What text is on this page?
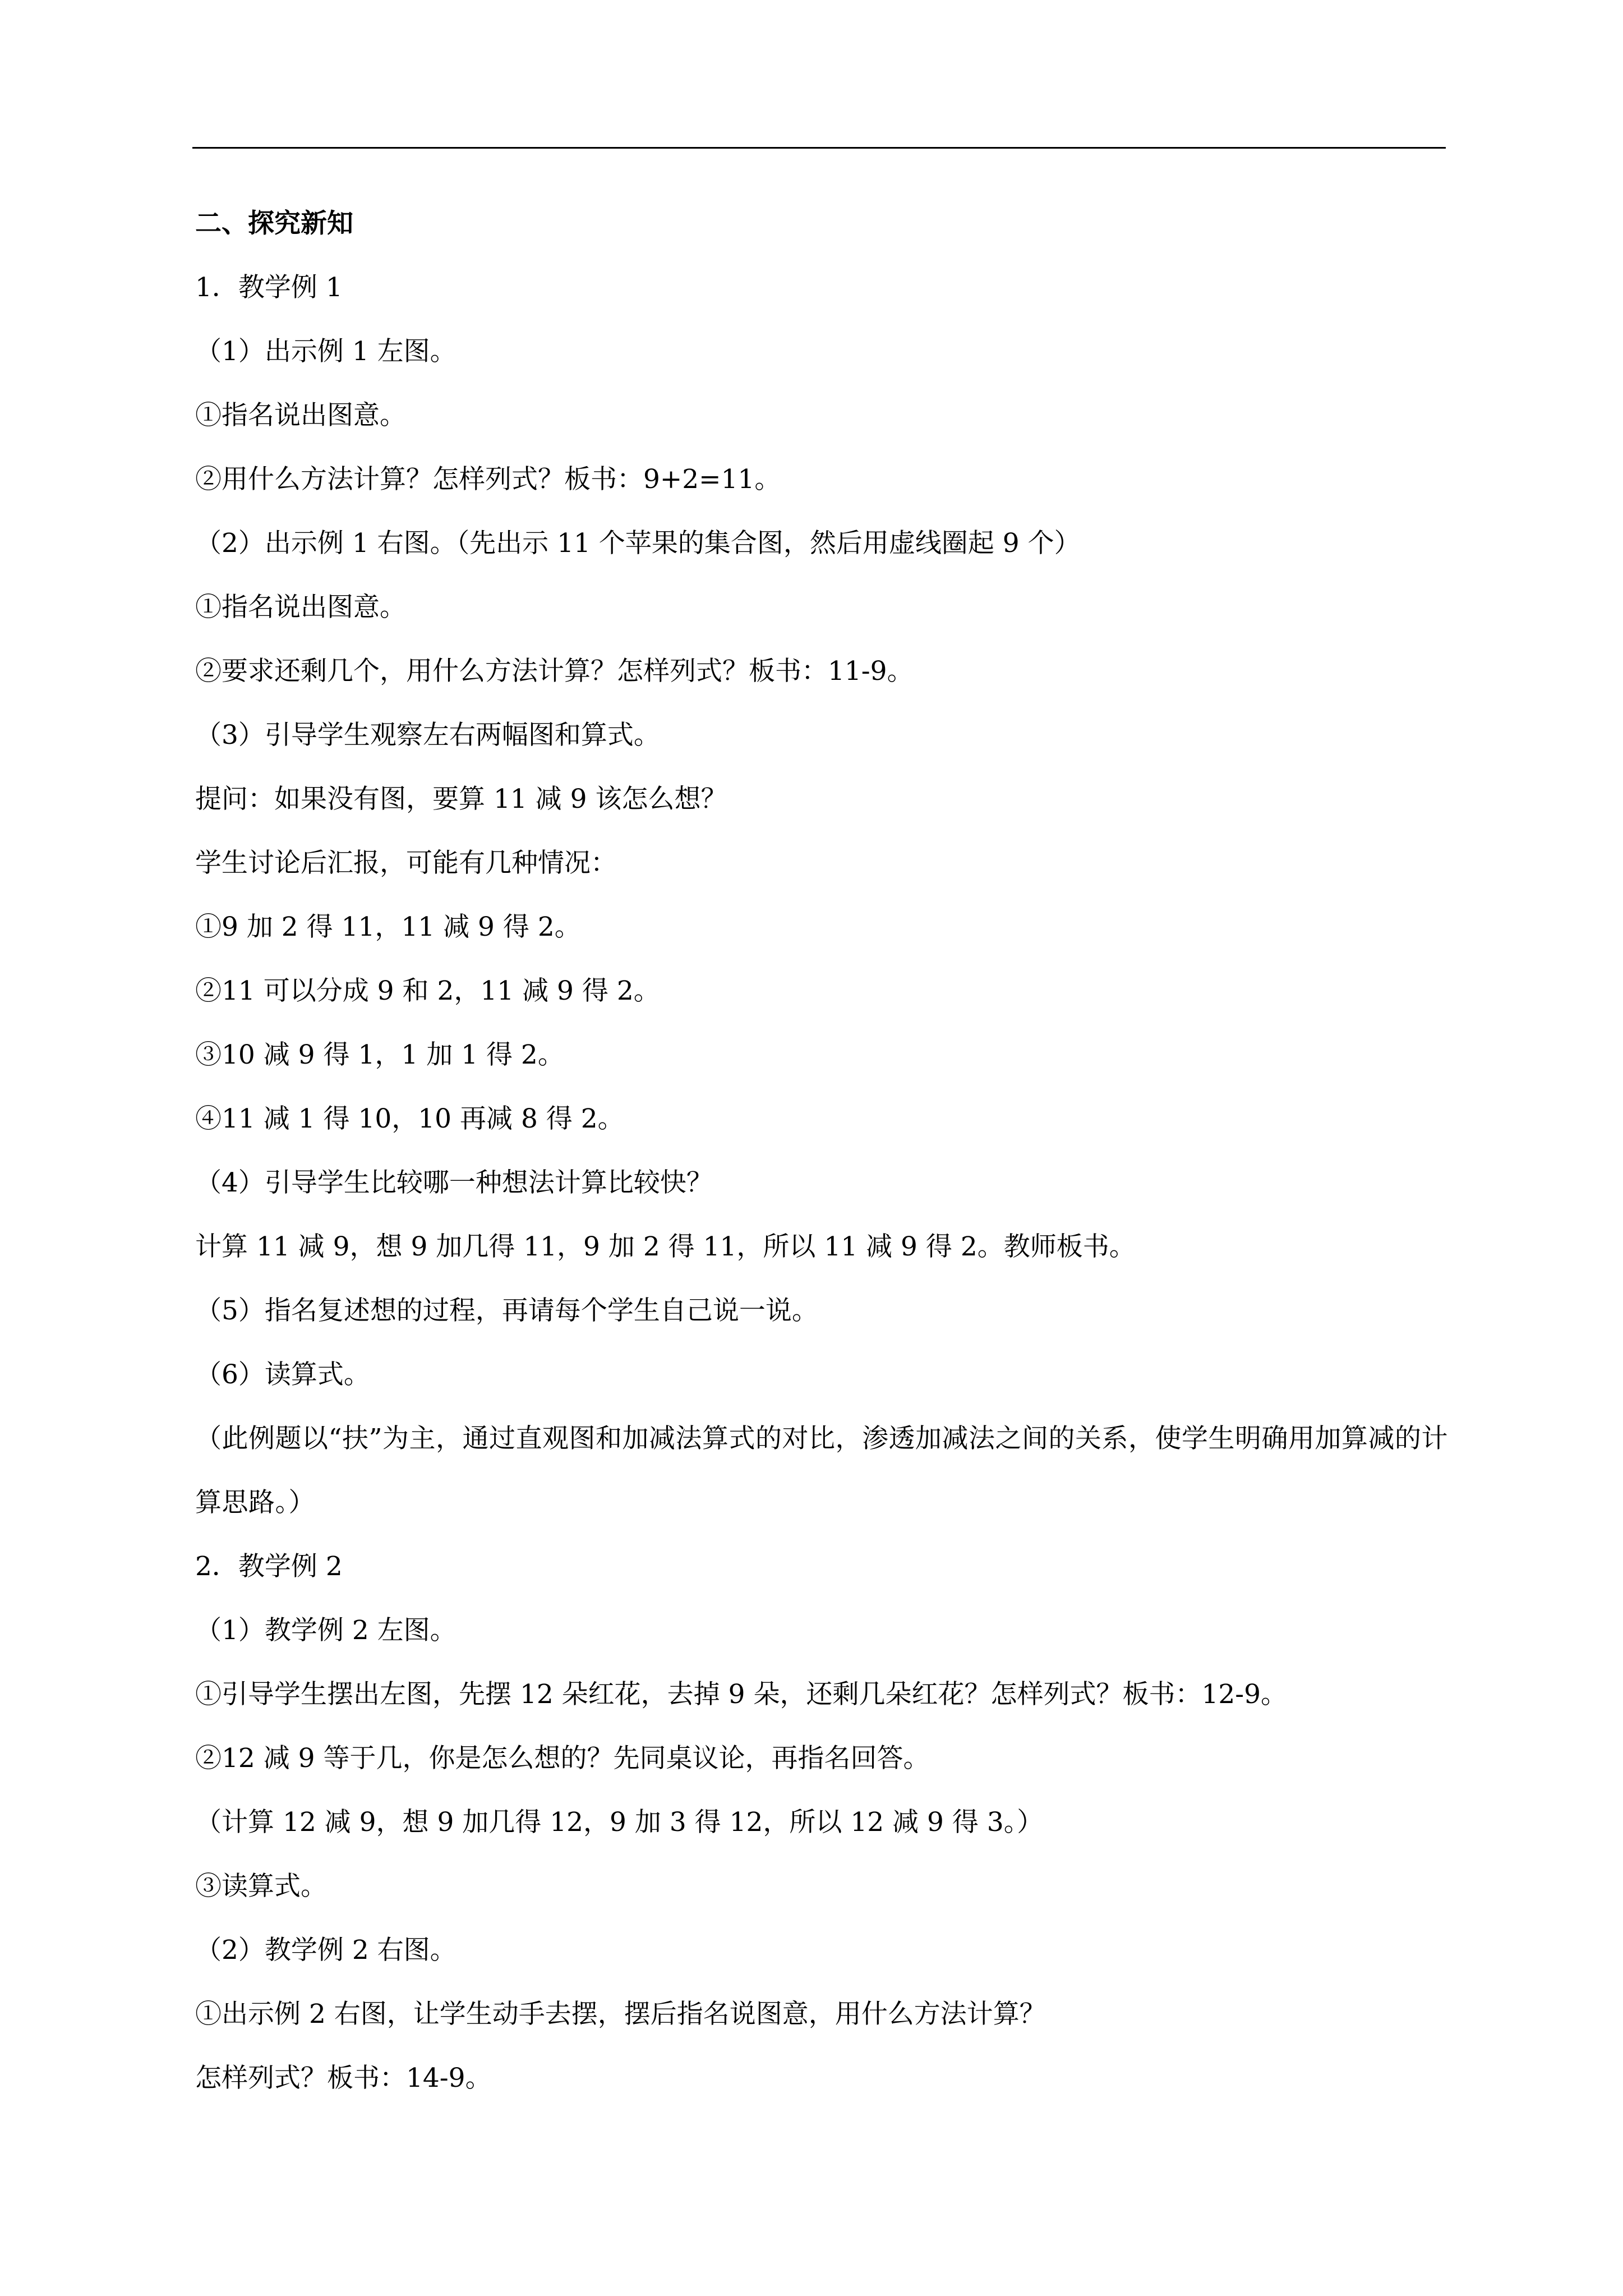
二、探究新知
1．教学例 1
（1）出示例 1 左图。
①指名说出图意。
②用什么方法计算？怎样列式？板书：9+2=11。
（2）出示例 1 右图。（先出示 11 个苹果的集合图，然后用虚线圈起 9 个）
①指名说出图意。
②要求还剩几个，用什么方法计算？怎样列式？板书：11-9。
（3）引导学生观察左右两幅图和算式。
提问：如果没有图，要算 11 减 9 该怎么想？
学生讨论后汇报，可能有几种情况：
①9 加 2 得 11，11 减 9 得 2。
②11 可以分成 9 和 2，11 减 9 得 2。
③10 减 9 得 1，1 加 1 得 2。
④11 减 1 得 10，10 再减 8 得 2。
（4）引导学生比较哪一种想法计算比较快？
计算 11 减 9，想 9 加几得 11，9 加 2 得 11，所以 11 减 9 得 2。教师板书。
（5）指名复述想的过程，再请每个学生自己说一说。
（6）读算式。
（此例题以“扶”为主，通过直观图和加减法算式的对比，渗透加减法之间的关系，使学生明确用加算减的计算思路。）
2．教学例 2
（1）教学例 2 左图。
①引导学生摆出左图，先摆 12 朵红花，去掉 9 朵，还剩几朵红花？怎样列式？板书：12-9。
②12 减 9 等于几，你是怎么想的？先同桌议论，再指名回答。
（计算 12 减 9，想 9 加几得 12，9 加 3 得 12，所以 12 减 9 得 3。）
③读算式。
（2）教学例 2 右图。
①出示例 2 右图，让学生动手去摆，摆后指名说图意，用什么方法计算？
怎样列式？板书：14-9。
